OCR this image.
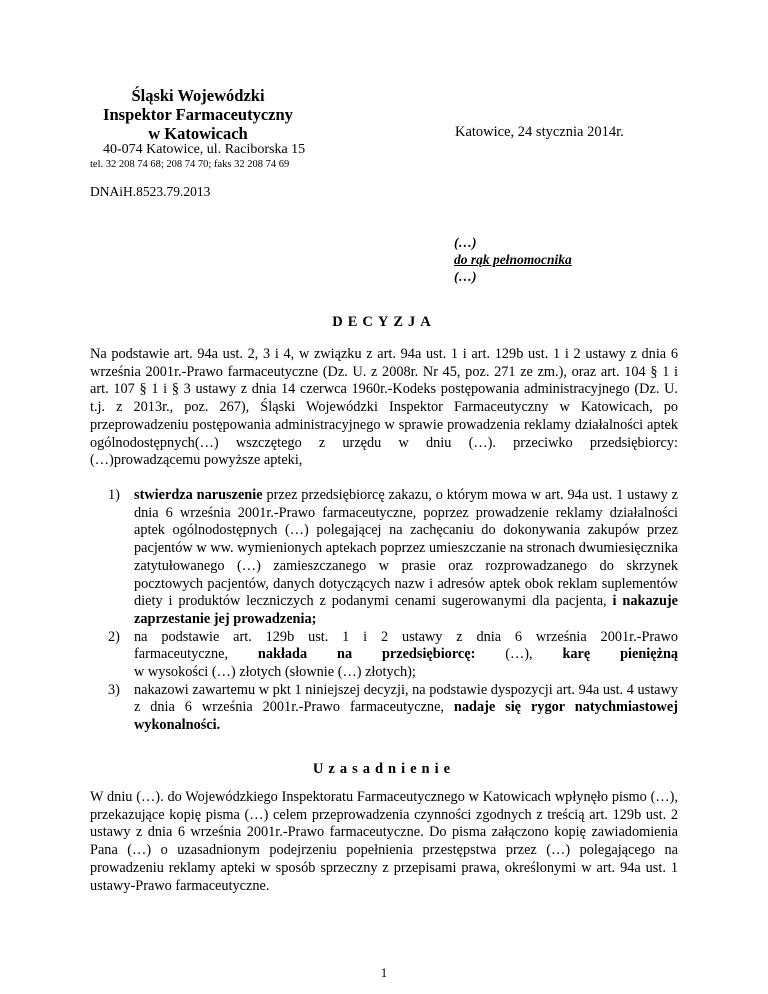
Śląski Wojewódzki
Inspektor Farmaceutyczny
w Katowicach	Katowice, 24 stycznia 2014r.
40-074 Katowice, ul. Raciborska 15
tel. 32 208 74 68; 208 74 70; faks 32 208 74 69
DNAiH.8523.79.2013
(…)
do rąk pełnomocnika
(…)
DECYZJA
Na podstawie art. 94a ust. 2, 3 i 4, w związku z art. 94a ust. 1 i art. 129b ust. 1 i 2 ustawy z dnia 6 września 2001r.-Prawo farmaceutyczne (Dz. U. z 2008r. Nr 45, poz. 271 ze zm.), oraz art. 104 § 1 i art. 107 § 1 i § 3 ustawy z dnia 14 czerwca 1960r.-Kodeks postępowania administracyjnego (Dz. U. t.j. z 2013r., poz. 267), Śląski Wojewódzki Inspektor Farmaceutyczny w Katowicach, po przeprowadzeniu postępowania administracyjnego w sprawie prowadzenia reklamy działalności aptek ogólnodostępnych(…) wszczętego z urzędu w dniu (…). przeciwko przedsiębiorcy: (…)prowadzącemu powyższe apteki,
1) stwierdza naruszenie przez przedsiębiorcę zakazu, o którym mowa w art. 94a ust. 1 ustawy z dnia 6 września 2001r.-Prawo farmaceutyczne, poprzez prowadzenie reklamy działalności aptek ogólnodostępnych (…) polegającej na zachęcaniu do dokonywania zakupów przez pacjentów w ww. wymienionych aptekach poprzez umieszczanie na stronach dwumiesięcznika zatytułowanego (…) zamieszczanego w prasie oraz rozprowadzanego do skrzynek pocztowych pacjentów, danych dotyczących nazw i adresów aptek obok reklam suplementów diety i produktów leczniczych z podanymi cenami sugerowanymi dla pacjenta, i nakazuje zaprzestanie jej prowadzenia;
2) na podstawie art. 129b ust. 1 i 2 ustawy z dnia 6 września 2001r.-Prawo
farmaceutyczne, nakłada na przedsiębiorcę: (…), karę pieniężną
w wysokości (…) złotych (słownie (…) złotych);
3) nakazowi zawartemu w pkt 1 niniejszej decyzji, na podstawie dyspozycji art. 94a ust. 4 ustawy z dnia 6 września 2001r.-Prawo farmaceutyczne, nadaje się rygor natychmiastowej wykonalności.
Uzasadnienie
W dniu (…). do Wojewódzkiego Inspektoratu Farmaceutycznego w Katowicach wpłynęło pismo (…), przekazujące kopię pisma (…) celem przeprowadzenia czynności zgodnych z treścią art. 129b ust. 2 ustawy z dnia 6 września 2001r.-Prawo farmaceutyczne. Do pisma załączono kopię zawiadomienia Pana (…) o uzasadnionym podejrzeniu popełnienia przestępstwa przez (…) polegającego na prowadzeniu reklamy apteki w sposób sprzeczny z przepisami prawa, określonymi w art. 94a ust. 1 ustawy-Prawo farmaceutyczne.
1
